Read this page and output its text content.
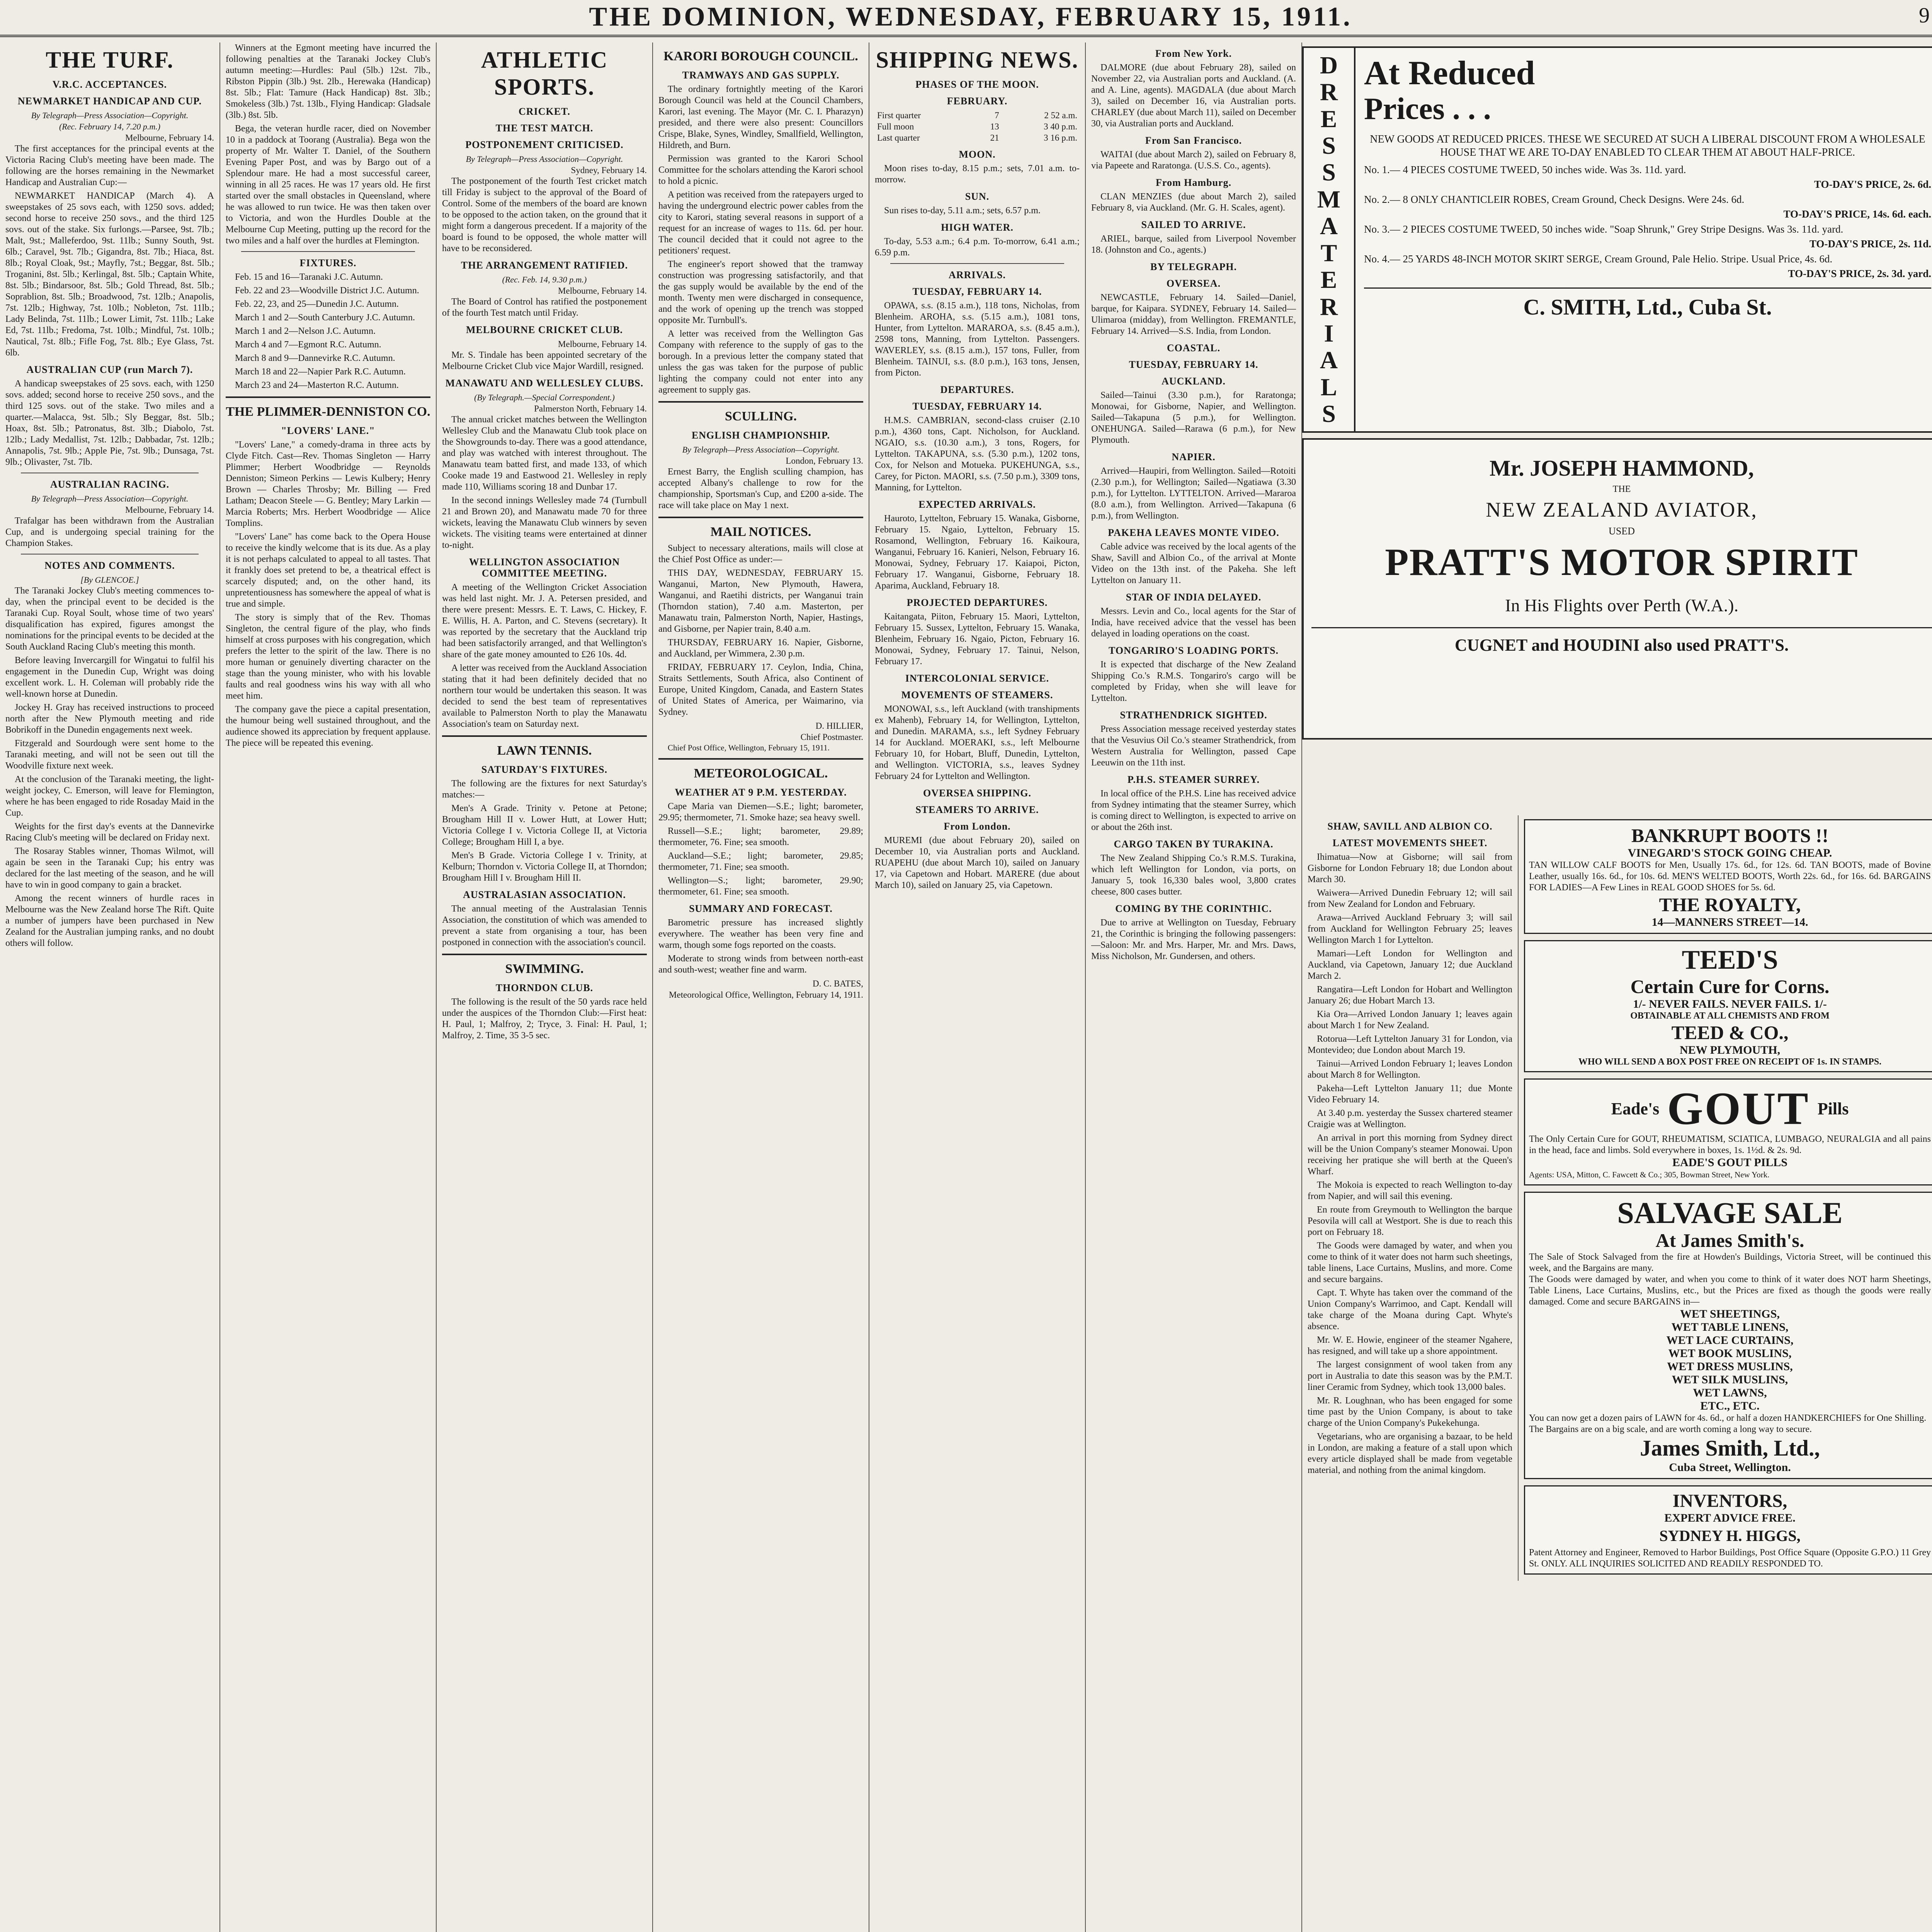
THE DOMINION, WEDNESDAY, FEBRUARY 15, 1911.	9
THE TURF.
V.R.C. ACCEPTANCES.
NEWMARKET HANDICAP AND CUP.
By Telegraph—Press Association—Copyright.
(Rec. February 14, 7.20 p.m.)
Melbourne, February 14.

The first acceptances for the principal events at the Victoria Racing Club's meeting have been made. The following are the horses remaining in the Newmarket Handicap and Australian Cup:—

NEWMARKET HANDICAP (March 4). A sweepstakes of 25 sovs each, with 1250 sovs. added; second horse to receive 250 sovs., and the third 125 sovs. out of the stake. Six furlongs.—Parsee, 9st. 7lb.; Malt, 9st.; Malleferdoo, 9st. 11lb.; Sunny South, 9st. 6lb.; Caravel, 9st. 7lb.; Gigandra, 8st. 7lb.; Hiaca, 8st. 8lb.; Royal Cloak, 9st.; Mayfly, 7st.; Beggar, 8st. 5lb.; Troganini, 8st. 5lb.; Kerlingal, 8st. 5lb.; Captain White, 8st. 5lb.; Bindarsoor, 8st. 5lb.; Gold Thread, 8st. 5lb.; Soprablion, 8st. 5lb.; Broadwood, 7st. 12lb.; Anapolis, 7st. 12lb.; Highway, 7st. 10lb.; Nobleton, 7st. 11lb.; Lady Belinda, 7st. 11lb.; Lower Limit, 7st. 11lb.; Lake Ed, 7st. 11lb.; Fredoma, 7st. 10lb.; Mindful, 7st. 10lb.; Nautical, 7st. 8lb.; Fifle Fog, 7st. 8lb.; Eye Glass, 7st. 6lb.

AUSTRALIAN CUP (run March 7).

A handicap sweepstakes of 25 sovs. each, with 1250 sovs. added; second horse to receive 250 sovs., and the third 125 sovs. out of the stake. Two miles and a quarter.—Malacca, 9st. 5lb.; Sly Beggar, 8st. 5lb.; Hoax, 8st. 5lb.; Patronatus, 8st. 3lb.; Diabolo, 7st. 12lb.; Lady Medallist, 7st. 12lb.; Dabbadar, 7st. 12lb.; Annapolis, 7st. 9lb.; Apple Pie, 7st. 9lb.; Dunsaga, 7st. 9lb.; Olivaster, 7st. 7lb.

AUSTRALIAN RACING.
By Telegraph—Press Association—Copyright.
Melbourne, February 14.

Trafalgar has been withdrawn from the Australian Cup, and is undergoing special training for the Champion Stakes.

NOTES AND COMMENTS.
[By GLENCOE.]

The Taranaki Jockey Club's meeting commences to-day, when the principal event to be decided is the Taranaki Cup. Royal Soult, whose time of two years' disqualification has expired, figures amongst the nominations for the principal events to be decided at the South Auckland Racing Club's meeting this month.

Before leaving Invercargill for Wingatui to fulfil his engagement in the Dunedin Cup, Wright was doing excellent work. L. H. Coleman will probably ride the well-known horse at Dunedin.

Jockey H. Gray has received instructions to proceed north after the New Plymouth meeting and ride Bobrikoff in the Dunedin engagements next week.

Fitzgerald and Sourdough were sent home to the Taranaki meeting, and will not be seen out till the Woodville fixture next week.

At the conclusion of the Taranaki meeting, the light-weight jockey, C. Emerson, will leave for Flemington, where he has been engaged to ride Rosaday Maid in the Cup.

Weights for the first day's events at the Dannevirke Racing Club's meeting will be declared on Friday next.

The Rosaray Stables winner, Thomas Wilmot, will again be seen in the Taranaki Cup; his entry was declared for the last meeting of the season, and he will have to win in good company to gain a bracket.

Among the recent winners of hurdle races in Melbourne was the New Zealand horse The Rift. Quite a number of jumpers have been purchased in New Zealand for the Australian jumping ranks, and no doubt others will follow.

Winners at the Egmont meeting have incurred the following penalties at the Taranaki Jockey Club's autumn meeting:—Hurdles: Paul (5lb.) 12st. 7lb., Ribston Pippin (3lb.) 9st. 2lb., Herewaka (Handicap) 8st. 5lb.; Flat: Tamure (Hack Handicap) 8st. 3lb.; Smokeless (3lb.) 7st. 13lb., Flying Handicap: Gladsale (3lb.) 8st. 5lb.

Bega, the veteran hurdle racer, died on November 10 in a paddock at Toorang (Australia). Bega won the property of Mr. Walter T. Daniel, of the Southern Evening Paper Post, and was by Bargo out of a Splendour mare. He had a most successful career, winning in all 25 races. He was 17 years old. He first started over the small obstacles in Queensland, where he was allowed to run twice. He was then taken over to Victoria, and won the Hurdles Double at the Melbourne Cup Meeting, putting up the record for the two miles and a half over the hurdles at Flemington.

FIXTURES.

Feb. 15 and 16—Taranaki J.C. Autumn.

Feb. 22 and 23—Woodville District J.C. Autumn.

Feb. 22, 23, and 25—Dunedin J.C. Autumn.

March 1 and 2—South Canterbury J.C. Autumn.

March 1 and 2—Nelson J.C. Autumn.

March 4 and 7—Egmont R.C. Autumn.

March 8 and 9—Dannevirke R.C. Autumn.

March 18 and 22—Napier Park R.C. Autumn.

March 23 and 24—Masterton R.C. Autumn.

THE PLIMMER-DENNISTON CO.
"LOVERS' LANE."

"Lovers' Lane," a comedy-drama in three acts by Clyde Fitch. Cast—Rev. Thomas Singleton — Harry Plimmer; Herbert Woodbridge — Reynolds Denniston; Simeon Perkins — Lewis Kulbery; Henry Brown — Charles Throsby; Mr. Billing — Fred Latham; Deacon Steele — G. Bentley; Mary Larkin — Marcia Roberts; Mrs. Herbert Woodbridge — Alice Tomplins.

"Lovers' Lane" has come back to the Opera House to receive the kindly welcome that is its due. As a play it is not perhaps calculated to appeal to all tastes. That it frankly does set pretend to be, a theatrical effect is scarcely disputed; and, on the other hand, its unpretentiousness has somewhere the appeal of what is true and simple.

The story is simply that of the Rev. Thomas Singleton, the central figure of the play, who finds himself at cross purposes with his congregation, which prefers the letter to the spirit of the law. There is no more human or genuinely diverting character on the stage than the young minister, who with his lovable faults and real goodness wins his way with all who meet him.

The company gave the piece a capital presentation, the humour being well sustained throughout, and the audience showed its appreciation by frequent applause. The piece will be repeated this evening.

ATHLETIC SPORTS.
CRICKET.
THE TEST MATCH.
POSTPONEMENT CRITICISED.
By Telegraph—Press Association—Copyright.
Sydney, February 14.

The postponement of the fourth Test cricket match till Friday is subject to the approval of the Board of Control. Some of the members of the board are known to be opposed to the action taken, on the ground that it might form a dangerous precedent. If a majority of the board is found to be opposed, the whole matter will have to be reconsidered.

THE ARRANGEMENT RATIFIED.
(Rec. Feb. 14, 9.30 p.m.)
Melbourne, February 14.

The Board of Control has ratified the postponement of the fourth Test match until Friday.

MELBOURNE CRICKET CLUB.
Melbourne, February 14.

Mr. S. Tindale has been appointed secretary of the Melbourne Cricket Club vice Major Wardill, resigned.

MANAWATU AND WELLESLEY CLUBS.
(By Telegraph.—Special Correspondent.)
Palmerston North, February 14.

The annual cricket matches between the Wellington Wellesley Club and the Manawatu Club took place on the Showgrounds to-day. There was a good attendance, and play was watched with interest throughout. The Manawatu team batted first, and made 133, of which Cooke made 19 and Eastwood 21. Wellesley in reply made 110, Williams scoring 18 and Dunbar 17.

In the second innings Wellesley made 74 (Turnbull 21 and Brown 20), and Manawatu made 70 for three wickets, leaving the Manawatu Club winners by seven wickets. The visiting teams were entertained at dinner to-night.

WELLINGTON ASSOCIATION COMMITTEE MEETING.

A meeting of the Wellington Cricket Association was held last night. Mr. J. A. Petersen presided, and there were present: Messrs. E. T. Laws, C. Hickey, F. E. Willis, H. A. Parton, and C. Stevens (secretary). It was reported by the secretary that the Auckland trip had been satisfactorily arranged, and that Wellington's share of the gate money amounted to £26 10s. 4d.

A letter was received from the Auckland Association stating that it had been definitely decided that no northern tour would be undertaken this season. It was decided to send the best team of representatives available to Palmerston North to play the Manawatu Association's team on Saturday next.

LAWN TENNIS.
SATURDAY'S FIXTURES.

The following are the fixtures for next Saturday's matches:—

Men's A Grade. Trinity v. Petone at Petone; Brougham Hill II v. Lower Hutt, at Lower Hutt; Victoria College I v. Victoria College II, at Victoria College; Brougham Hill I, a bye.

Men's B Grade. Victoria College I v. Trinity, at Kelburn; Thorndon v. Victoria College II, at Thorndon; Brougham Hill I v. Brougham Hill II.

AUSTRALASIAN ASSOCIATION.

The annual meeting of the Australasian Tennis Association, the constitution of which was amended to prevent a state from organising a tour, has been postponed in connection with the association's council.

SWIMMING.
THORNDON CLUB.

The following is the result of the 50 yards race held under the auspices of the Thorndon Club:—First heat: H. Paul, 1; Malfroy, 2; Tryce, 3. Final: H. Paul, 1; Malfroy, 2. Time, 35 3-5 sec.

KARORI BOROUGH COUNCIL.
TRAMWAYS AND GAS SUPPLY.

The ordinary fortnightly meeting of the Karori Borough Council was held at the Council Chambers, Karori, last evening. The Mayor (Mr. C. I. Pharazyn) presided, and there were also present: Councillors Crispe, Blake, Synes, Windley, Smallfield, Wellington, Hildreth, and Burn.

Permission was granted to the Karori School Committee for the scholars attending the Karori school to hold a picnic.

A petition was received from the ratepayers urged to having the underground electric power cables from the city to Karori, stating several reasons in support of a request for an increase of wages to 11s. 6d. per hour. The council decided that it could not agree to the petitioners' request.

The engineer's report showed that the tramway construction was progressing satisfactorily, and that the gas supply would be available by the end of the month. Twenty men were discharged in consequence, and the work of opening up the trench was stopped opposite Mr. Turnbull's.

A letter was received from the Wellington Gas Company with reference to the supply of gas to the borough. In a previous letter the company stated that unless the gas was taken for the purpose of public lighting the company could not enter into any agreement to supply gas.

SCULLING.
ENGLISH CHAMPIONSHIP.
By Telegraph—Press Association—Copyright.
London, February 13.

Ernest Barry, the English sculling champion, has accepted Albany's challenge to row for the championship, Sportsman's Cup, and £200 a-side. The race will take place on May 1 next.

MAIL NOTICES.

Subject to necessary alterations, mails will close at the Chief Post Office as under:—

THIS DAY, WEDNESDAY, FEBRUARY 15. Wanganui, Marton, New Plymouth, Hawera, Wanganui, and Raetihi districts, per Wanganui train (Thorndon station), 7.40 a.m. Masterton, per Manawatu train, Palmerston North, Napier, Hastings, and Gisborne, per Napier train, 8.40 a.m.

THURSDAY, FEBRUARY 16. Napier, Gisborne, and Auckland, per Wimmera, 2.30 p.m.

FRIDAY, FEBRUARY 17. Ceylon, India, China, Straits Settlements, South Africa, also Continent of Europe, United Kingdom, Canada, and Eastern States of United States of America, per Waimarino, via Sydney.

D. HILLIER,
Chief Postmaster.

Chief Post Office, Wellington, February 15, 1911.

METEOROLOGICAL.
WEATHER AT 9 P.M. YESTERDAY.

Cape Maria van Diemen—S.E.; light; barometer, 29.95; thermometer, 71. Smoke haze; sea heavy swell.

Russell—S.E.; light; barometer, 29.89; thermometer, 76. Fine; sea smooth.

Auckland—S.E.; light; barometer, 29.85; thermometer, 71. Fine; sea smooth.

Wellington—S.; light; barometer, 29.90; thermometer, 61. Fine; sea smooth.

SUMMARY AND FORECAST.

Barometric pressure has increased slightly everywhere. The weather has been very fine and warm, though some fogs reported on the coasts.

Moderate to strong winds from between north-east and south-west; weather fine and warm.

D. C. BATES,
Meteorological Office, Wellington, February 14, 1911.
SHIPPING NEWS.
PHASES OF THE MOON.
FEBRUARY.
First quarter	7	2 52 a.m.
Full moon	13	3 40 p.m.
Last quarter	21	3 16 p.m.
MOON.

Moon rises to-day, 8.15 p.m.; sets, 7.01 a.m. to-morrow.

SUN.

Sun rises to-day, 5.11 a.m.; sets, 6.57 p.m.

HIGH WATER.

To-day, 5.53 a.m.; 6.4 p.m. To-morrow, 6.41 a.m.; 6.59 p.m.

ARRIVALS.
TUESDAY, FEBRUARY 14.

OPAWA, s.s. (8.15 a.m.), 118 tons, Nicholas, from Blenheim. AROHA, s.s. (5.15 a.m.), 1081 tons, Hunter, from Lyttelton. MARAROA, s.s. (8.45 a.m.), 2598 tons, Manning, from Lyttelton. Passengers. WAVERLEY, s.s. (8.15 a.m.), 157 tons, Fuller, from Blenheim. TAINUI, s.s. (8.0 p.m.), 163 tons, Jensen, from Picton.

DEPARTURES.
TUESDAY, FEBRUARY 14.

H.M.S. CAMBRIAN, second-class cruiser (2.10 p.m.), 4360 tons, Capt. Nicholson, for Auckland. NGAIO, s.s. (10.30 a.m.), 3 tons, Rogers, for Lyttelton. TAKAPUNA, s.s. (5.30 p.m.), 1202 tons, Cox, for Nelson and Motueka. PUKEHUNGA, s.s., Carey, for Picton. MAORI, s.s. (7.50 p.m.), 3309 tons, Manning, for Lyttelton.

EXPECTED ARRIVALS.

Hauroto, Lyttelton, February 15. Wanaka, Gisborne, February 15. Ngaio, Lyttelton, February 15. Rosamond, Wellington, February 16. Kaikoura, Wanganui, February 16. Kanieri, Nelson, February 16. Monowai, Sydney, February 17. Kaiapoi, Picton, February 17. Wanganui, Gisborne, February 18. Aparima, Auckland, February 18.

PROJECTED DEPARTURES.

Kaitangata, Piiton, February 15. Maori, Lyttelton, February 15. Sussex, Lyttelton, February 15. Wanaka, Blenheim, February 16. Ngaio, Picton, February 16. Monowai, Sydney, February 17. Tainui, Nelson, February 17.

INTERCOLONIAL SERVICE.
MOVEMENTS OF STEAMERS.

MONOWAI, s.s., left Auckland (with transhipments ex Mahenb), February 14, for Wellington, Lyttelton, and Dunedin. MARAMA, s.s., left Sydney February 14 for Auckland. MOERAKI, s.s., left Melbourne February 10, for Hobart, Bluff, Dunedin, Lyttelton, and Wellington. VICTORIA, s.s., leaves Sydney February 24 for Lyttelton and Wellington.

OVERSEA SHIPPING.
STEAMERS TO ARRIVE.
From London.

MUREMI (due about February 20), sailed on December 10, via Australian ports and Auckland. RUAPEHU (due about March 10), sailed on January 17, via Capetown and Hobart. MARERE (due about March 10), sailed on January 25, via Capetown.

From New York.

DALMORE (due about February 28), sailed on November 22, via Australian ports and Auckland. (A. and A. Line, agents). MAGDALA (due about March 3), sailed on December 16, via Australian ports. CHARLEY (due about March 11), sailed on December 30, via Australian ports and Auckland.

From San Francisco.

WAITAI (due about March 2), sailed on February 8, via Papeete and Raratonga. (U.S.S. Co., agents).

From Hamburg.

CLAN MENZIES (due about March 2), sailed February 8, via Auckland. (Mr. G. H. Scales, agent).

SAILED TO ARRIVE.

ARIEL, barque, sailed from Liverpool November 18. (Johnston and Co., agents.)

BY TELEGRAPH.
OVERSEA.

NEWCASTLE, February 14. Sailed—Daniel, barque, for Kaipara. SYDNEY, February 14. Sailed—Ulimaroa (midday), from Wellington. FREMANTLE, February 14. Arrived—S.S. India, from London.

COASTAL.
TUESDAY, FEBRUARY 14.
AUCKLAND.

Sailed—Tainui (3.30 p.m.), for Raratonga; Monowai, for Gisborne, Napier, and Wellington. Sailed—Takapuna (5 p.m.), for Wellington. ONEHUNGA. Sailed—Rarawa (6 p.m.), for New Plymouth.

NAPIER.

Arrived—Haupiri, from Wellington. Sailed—Rotoiti (2.30 p.m.), for Wellington; Sailed—Ngatiawa (3.30 p.m.), for Lyttelton. LYTTELTON. Arrived—Mararoa (8.0 a.m.), from Wellington. Arrived—Takapuna (6 p.m.), from Wellington.

PAKEHA LEAVES MONTE VIDEO.

Cable advice was received by the local agents of the Shaw, Savill and Albion Co., of the arrival at Monte Video on the 13th inst. of the Pakeha. She left Lyttelton on January 11.

STAR OF INDIA DELAYED.

Messrs. Levin and Co., local agents for the Star of India, have received advice that the vessel has been delayed in loading operations on the coast.

TONGARIRO'S LOADING PORTS.

It is expected that discharge of the New Zealand Shipping Co.'s R.M.S. Tongariro's cargo will be completed by Friday, when she will leave for Lyttelton.

STRATHENDRICK SIGHTED.

Press Association message received yesterday states that the Vesuvius Oil Co.'s steamer Strathendrick, from Western Australia for Wellington, passed Cape Leeuwin on the 11th inst.

P.H.S. STEAMER SURREY.

In local office of the P.H.S. Line has received advice from Sydney intimating that the steamer Surrey, which is coming direct to Wellington, is expected to arrive on or about the 26th inst.

CARGO TAKEN BY TURAKINA.

The New Zealand Shipping Co.'s R.M.S. Turakina, which left Wellington for London, via ports, on January 5, took 16,330 bales wool, 3,800 crates cheese, 800 cases butter.

COMING BY THE CORINTHIC.

Due to arrive at Wellington on Tuesday, February 21, the Corinthic is bringing the following passengers:—Saloon: Mr. and Mrs. Harper, Mr. and Mrs. Daws, Miss Nicholson, Mr. Gundersen, and others.

D
R
E
S
S
M
A
T
E
R
I
A
L
S
At Reduced
Prices . . .
NEW GOODS AT REDUCED PRICES. THESE WE SECURED AT SUCH A LIBERAL DISCOUNT FROM A WHOLESALE HOUSE THAT WE ARE TO-DAY ENABLED TO CLEAR THEM AT ABOUT HALF-PRICE.
No. 1.— 4 PIECES COSTUME TWEED, 50 inches wide. Was 3s. 11d. yard.
TO-DAY'S PRICE, 2s. 6d.
No. 2.— 8 ONLY CHANTICLEIR ROBES, Cream Ground, Check Designs. Were 24s. 6d.
TO-DAY'S PRICE, 14s. 6d. each.
No. 3.— 2 PIECES COSTUME TWEED, 50 inches wide. "Soap Shrunk," Grey Stripe Designs. Was 3s. 11d. yard.
TO-DAY'S PRICE, 2s. 11d.
No. 4.— 25 YARDS 48-INCH MOTOR SKIRT SERGE, Cream Ground, Pale Helio. Stripe. Usual Price, 4s. 6d.
TO-DAY'S PRICE, 2s. 3d. yard.
C. SMITH, Ltd., Cuba St.
Mr. JOSEPH HAMMOND,
THE
NEW ZEALAND AVIATOR,
USED
PRATT'S MOTOR SPIRIT
In His Flights over Perth (W.A.).
CUGNET and HOUDINI also used PRATT'S.
SHAW, SAVILL AND ALBION CO.
LATEST MOVEMENTS SHEET.

Ihimatua—Now at Gisborne; will sail from Gisborne for London February 18; due London about March 30.

Waiwera—Arrived Dunedin February 12; will sail from New Zealand for London and February.

Arawa—Arrived Auckland February 3; will sail from Auckland for Wellington February 25; leaves Wellington March 1 for Lyttelton.

Mamari—Left London for Wellington and Auckland, via Capetown, January 12; due Auckland March 2.

Rangatira—Left London for Hobart and Wellington January 26; due Hobart March 13.

Kia Ora—Arrived London January 1; leaves again about March 1 for New Zealand.

Rotorua—Left Lyttelton January 31 for London, via Montevideo; due London about March 19.

Tainui—Arrived London February 1; leaves London about March 8 for Wellington.

Pakeha—Left Lyttelton January 11; due Monte Video February 14.

At 3.40 p.m. yesterday the Sussex chartered steamer Craigie was at Wellington.

An arrival in port this morning from Sydney direct will be the Union Company's steamer Monowai. Upon receiving her pratique she will berth at the Queen's Wharf.

The Mokoia is expected to reach Wellington to-day from Napier, and will sail this evening.

En route from Greymouth to Wellington the barque Pesovila will call at Westport. She is due to reach this port on February 18.

The Goods were damaged by water, and when you come to think of it water does not harm such sheetings, table linens, Lace Curtains, Muslins, and more. Come and secure bargains.

Capt. T. Whyte has taken over the command of the Union Company's Warrimoo, and Capt. Kendall will take charge of the Moana during Capt. Whyte's absence.

Mr. W. E. Howie, engineer of the steamer Ngahere, has resigned, and will take up a shore appointment.

The largest consignment of wool taken from any port in Australia to date this season was by the P.M.T. liner Ceramic from Sydney, which took 13,000 bales.

Mr. R. Loughnan, who has been engaged for some time past by the Union Company, is about to take charge of the Union Company's Pukekehunga.

Vegetarians, who are organising a bazaar, to be held in London, are making a feature of a stall upon which every article displayed shall be made from vegetable material, and nothing from the animal kingdom.

BANKRUPT BOOTS !!
VINEGARD'S STOCK GOING CHEAP.
TAN WILLOW CALF BOOTS for Men, Usually 17s. 6d., for 12s. 6d. TAN BOOTS, made of Bovine Leather, usually 16s. 6d., for 10s. 6d. MEN'S WELTED BOOTS, Worth 22s. 6d., for 16s. 6d. BARGAINS FOR LADIES—A Few Lines in REAL GOOD SHOES for 5s. 6d.
THE ROYALTY,
14—MANNERS STREET—14.
TEED'S
Certain Cure for Corns.
1/- NEVER FAILS. NEVER FAILS. 1/-
OBTAINABLE AT ALL CHEMISTS AND FROM
TEED & CO.,
NEW PLYMOUTH,
WHO WILL SEND A BOX POST FREE ON RECEIPT OF 1s. IN STAMPS.
Eade's GOUT Pills
The Only Certain Cure for GOUT, RHEUMATISM, SCIATICA, LUMBAGO, NEURALGIA and all pains in the head, face and limbs. Sold everywhere in boxes, 1s. 1½d. & 2s. 9d.
EADE'S GOUT PILLS
Agents: USA, Mitton, C. Fawcett & Co.; 305, Bowman Street, New York.
SALVAGE SALE
At James Smith's.
The Sale of Stock Salvaged from the fire at Howden's Buildings, Victoria Street, will be continued this week, and the Bargains are many.
The Goods were damaged by water, and when you come to think of it water does NOT harm Sheetings, Table Linens, Lace Curtains, Muslins, etc., but the Prices are fixed as though the goods were really damaged. Come and secure BARGAINS in—
WET SHEETINGS,
WET TABLE LINENS,
WET LACE CURTAINS,
WET BOOK MUSLINS,
WET DRESS MUSLINS,
WET SILK MUSLINS,
WET LAWNS,
ETC., ETC.
You can now get a dozen pairs of LAWN for 4s. 6d., or half a dozen HANDKERCHIEFS for One Shilling.
The Bargains are on a big scale, and are worth coming a long way to secure.
James Smith, Ltd.,
Cuba Street, Wellington.
INVENTORS,
EXPERT ADVICE FREE.
SYDNEY H. HIGGS,
Patent Attorney and Engineer, Removed to Harbor Buildings, Post Office Square (Opposite G.P.O.) 11 Grey St. ONLY. ALL INQUIRIES SOLICITED AND READILY RESPONDED TO.
